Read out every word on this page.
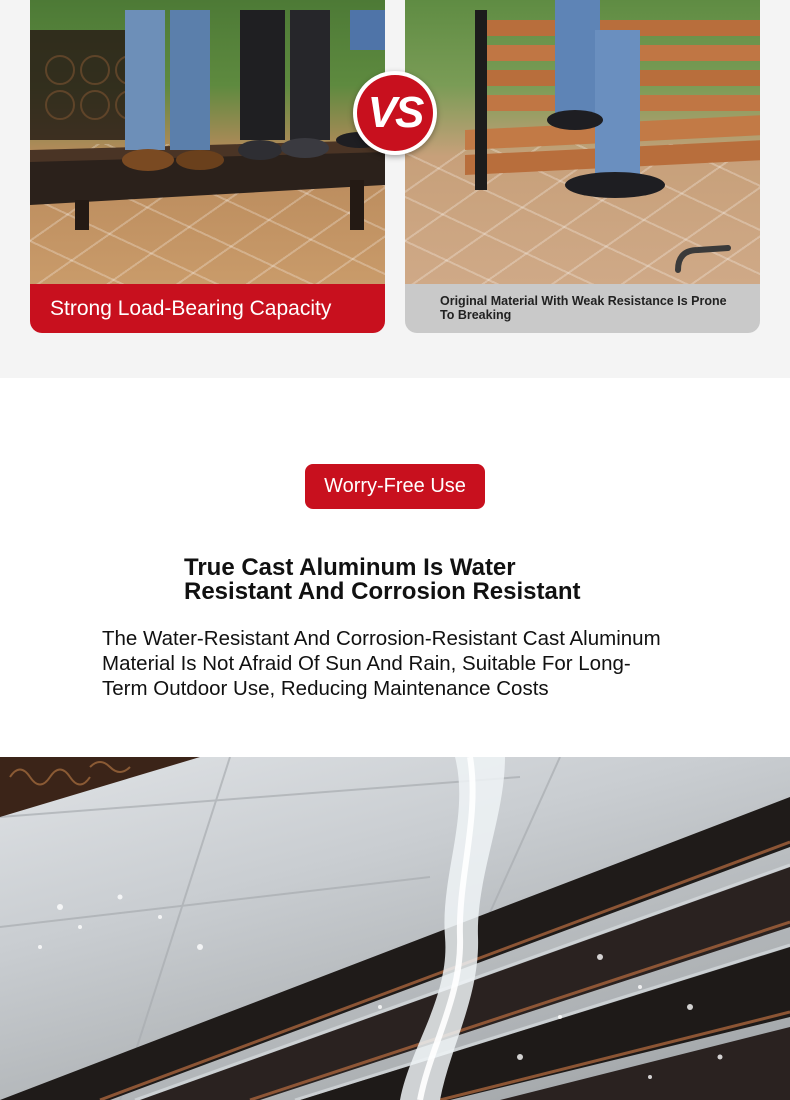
Strong Load-Bearing Capacity	Original Material With Weak Resistance Is Prone To Breaking
VS
Worry-Free Use
True Cast Aluminum Is Water
Resistant And Corrosion Resistant
The Water-Resistant And Corrosion-Resistant Cast Aluminum Material Is Not Afraid Of Sun And Rain, Suitable For Long-Term Outdoor Use, Reducing Maintenance Costs
